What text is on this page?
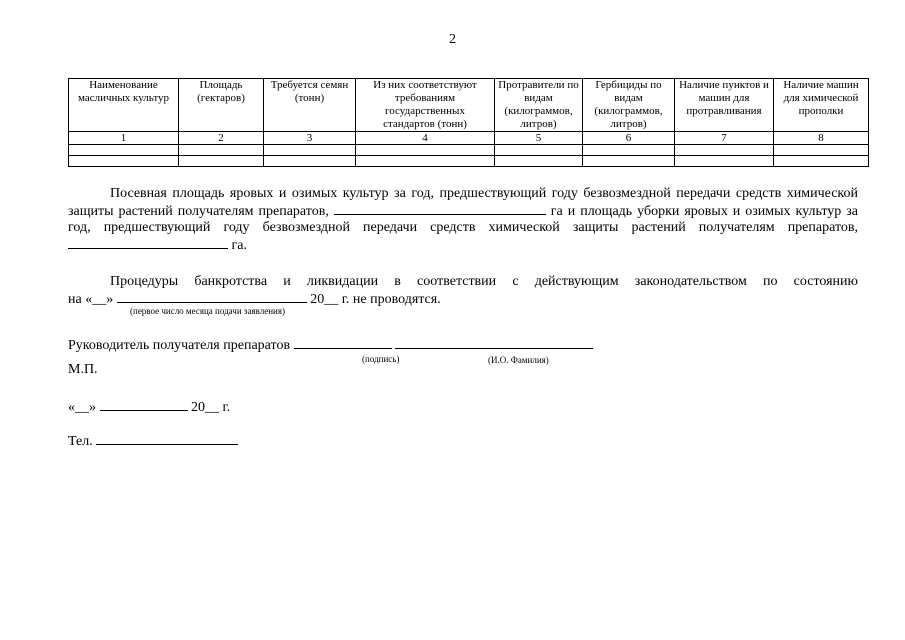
2
Наименование масличных культур	Площадь (гектаров)	Требуется семян (тонн)	Из них соответствуют требованиям государственных стандартов (тонн)	Протравители по видам (килограммов, литров)	Гербициды по видам (килограммов, литров)	Наличие пунктов и машин для протравливания	Наличие машин для химической прополки
1	2	3	4	5	6	7	8

Посевная площадь яровых и озимых культур за год, предшествующий году безвозмездной передачи средств химической защиты растений получателям препаратов,	га и площадь уборки яровых и озимых культур за год, предшествующий году безвозмездной передачи средств химической защиты растений получателям препаратов,  га.

Процедуры банкротства и ликвидации в соответствии с действующим законодательством по состоянию

на «__»	20__ г. не проводятся.
(первое число месяца подачи заявления)
Руководитель получателя препаратов
(подпись)	(И.О. Фамилия)
М.П.
«__»	20__ г.
Тел.
